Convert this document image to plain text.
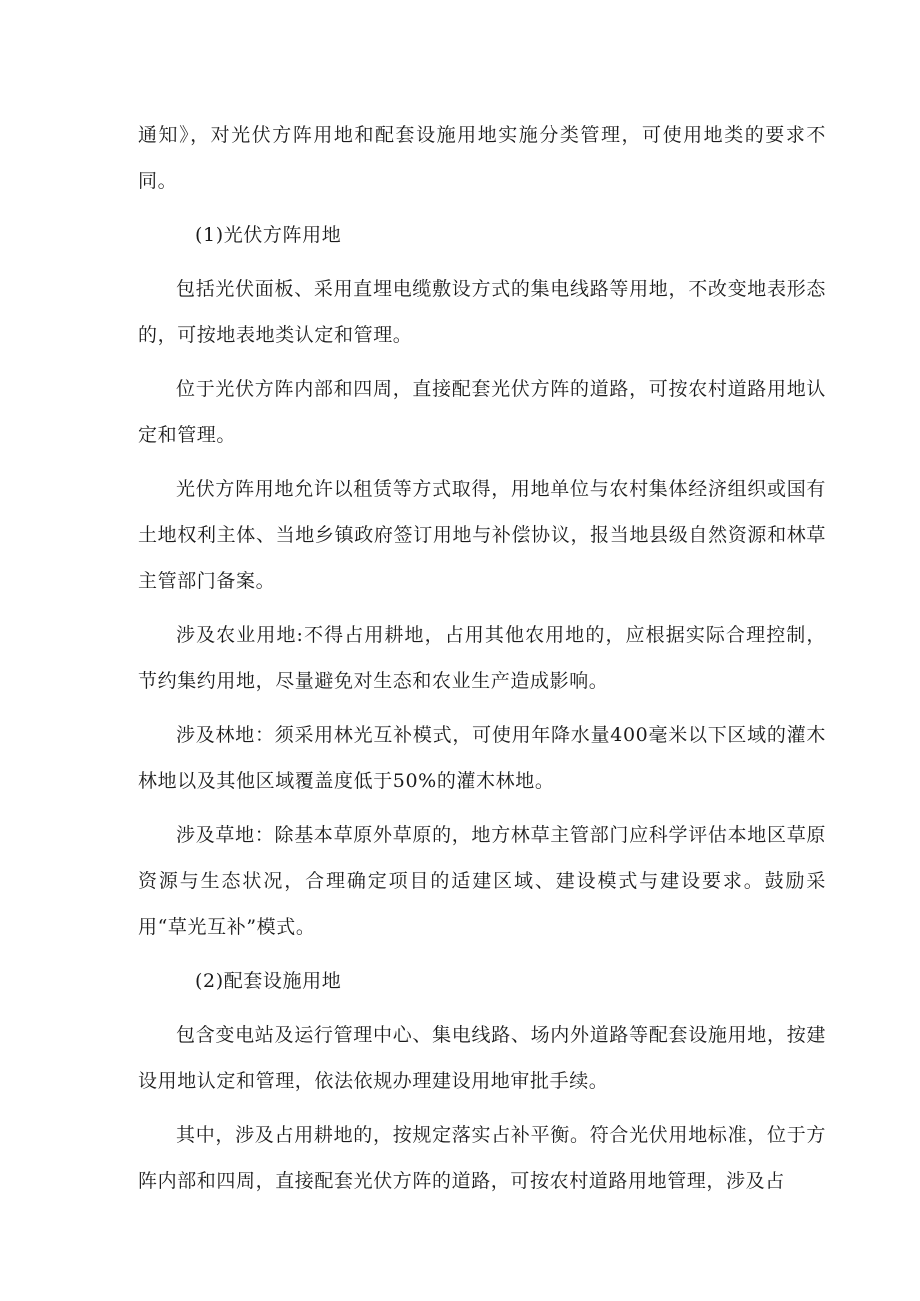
通知》，对光伏方阵用地和配套设施用地实施分类管理，可使用地类的要求不同。

(1)光伏方阵用地

包括光伏面板、采用直埋电缆敷设方式的集电线路等用地，不改变地表形态的，可按地表地类认定和管理。

位于光伏方阵内部和四周，直接配套光伏方阵的道路，可按农村道路用地认定和管理。

光伏方阵用地允许以租赁等方式取得，用地单位与农村集体经济组织或国有土地权利主体、当地乡镇政府签订用地与补偿协议，报当地县级自然资源和林草主管部门备案。

涉及农业用地:不得占用耕地，占用其他农用地的，应根据实际合理控制，节约集约用地，尽量避免对生态和农业生产造成影响。

涉及林地：须采用林光互补模式，可使用年降水量400毫米以下区域的灌木林地以及其他区域覆盖度低于50%的灌木林地。

涉及草地：除基本草原外草原的，地方林草主管部门应科学评估本地区草原资源与生态状况，合理确定项目的适建区域、建设模式与建设要求。鼓励采用“草光互补”模式。

(2)配套设施用地

包含变电站及运行管理中心、集电线路、场内外道路等配套设施用地，按建设用地认定和管理，依法依规办理建设用地审批手续。

其中，涉及占用耕地的，按规定落实占补平衡。符合光伏用地标准，位于方阵内部和四周，直接配套光伏方阵的道路，可按农村道路用地管理，涉及占
